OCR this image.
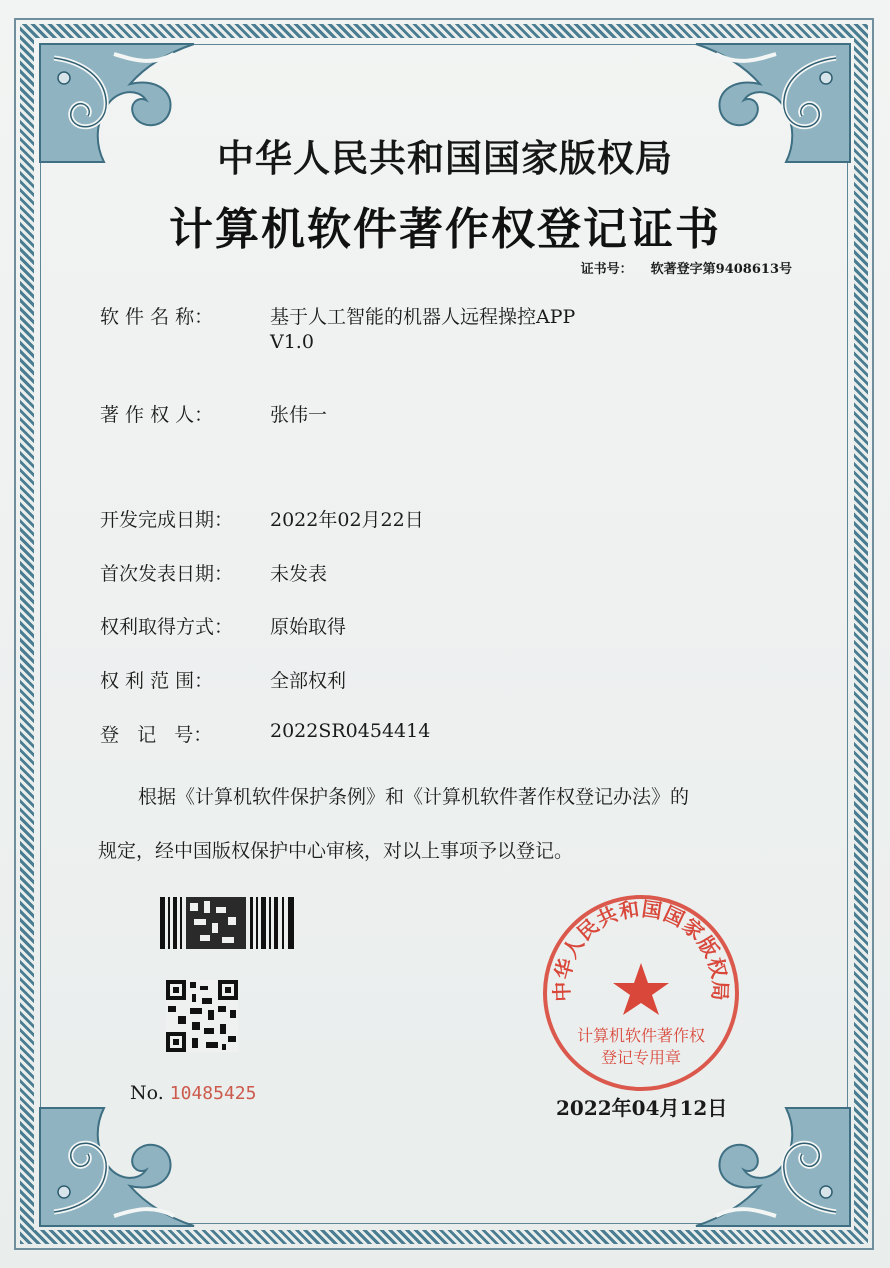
中华人民共和国国家版权局
计算机软件著作权登记证书
证书号： 软著登字第9408613号
软 件 名 称：	基于人工智能的机器人远程操控APP
V1.0
著 作 权 人：	张伟一
开发完成日期：	2022年02月22日
首次发表日期：	未发表
权利取得方式：	原始取得
权 利 范 围：	全部权利
登   记   号：	2022SR0454414
根据《计算机软件保护条例》和《计算机软件著作权登记办法》的
规定，经中国版权保护中心审核，对以上事项予以登记。
No. 10485425
中华人民共和国国家版权局
计算机软件著作权
登记专用章
2022年04月12日
